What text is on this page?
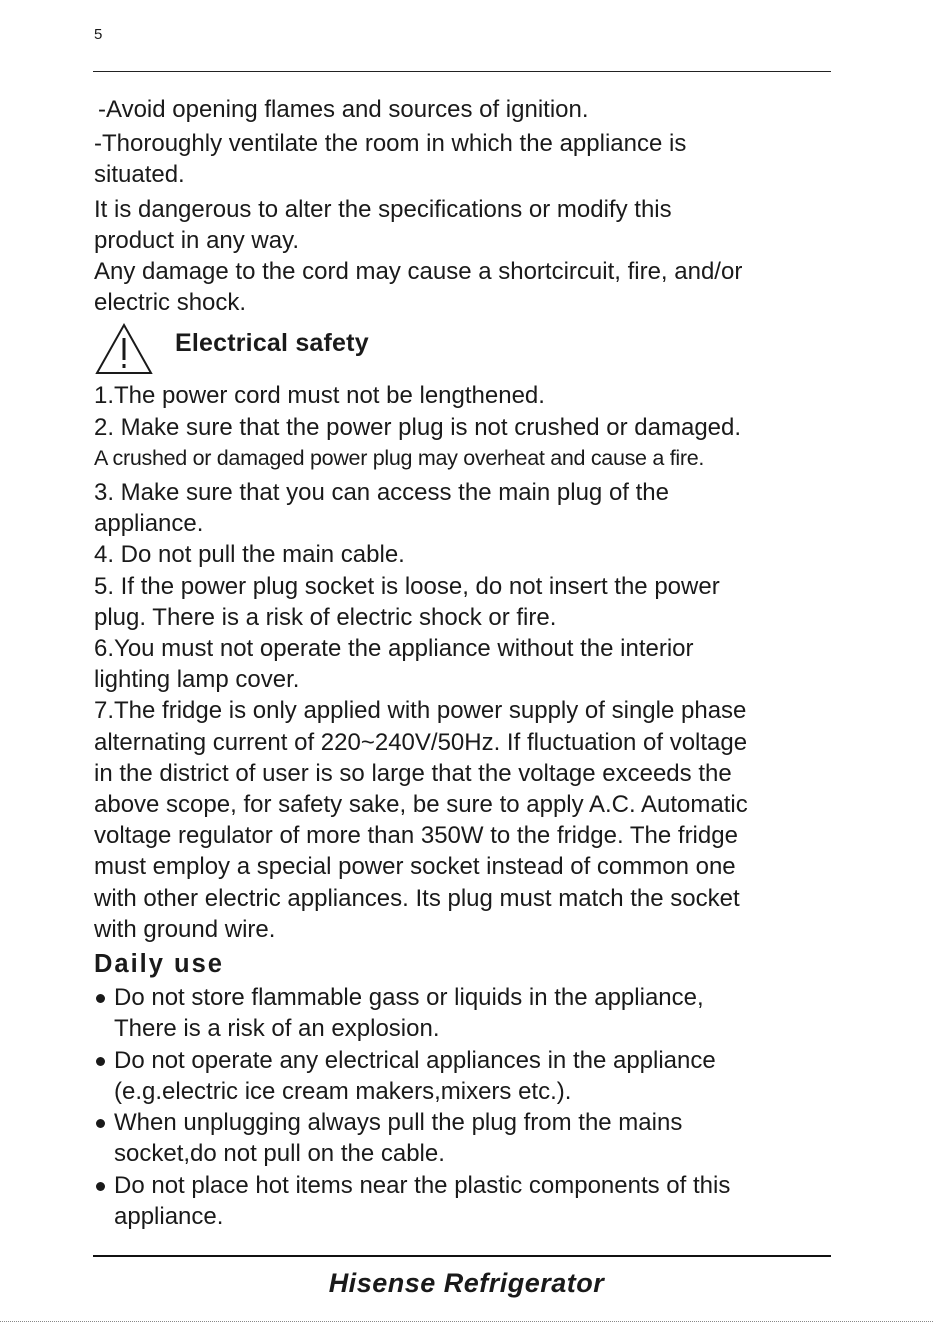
5
-Avoid opening flames and sources of ignition.
-Thoroughly ventilate the room in which the appliance is
situated.
It is dangerous to alter the specifications or modify this
product in any way.
Any damage to the cord may cause a shortcircuit, fire, and/or
electric shock.
Electrical safety
1.The power cord must not be lengthened.
2. Make sure that the power plug is not crushed or damaged.
A crushed or damaged power plug may overheat and cause a fire.
3. Make sure that you can access the main plug of the
appliance.
4. Do not pull the main cable.
5. If the power plug socket is loose, do not insert the power
plug. There is a risk of electric shock or fire.
6.You must not operate the appliance without the interior
lighting lamp cover.
7.The fridge is only applied with power supply of single phase
alternating current of 220~240V/50Hz. If fluctuation of voltage
in the district of user is so large that the voltage exceeds the
above scope, for safety sake, be sure to apply A.C. Automatic
voltage regulator of more than 350W to the fridge. The fridge
must employ a special power socket instead of common one
with other electric appliances. Its plug must match the socket
with ground wire.
Daily use
Do not store flammable gass or liquids in the appliance,
There is a risk of an explosion.
Do not operate any electrical appliances in the appliance
(e.g.electric ice cream makers,mixers etc.).
When unplugging always pull the plug from the mains
socket,do not pull on the cable.
Do not place hot items near the plastic components of this
appliance.
Hisense Refrigerator
